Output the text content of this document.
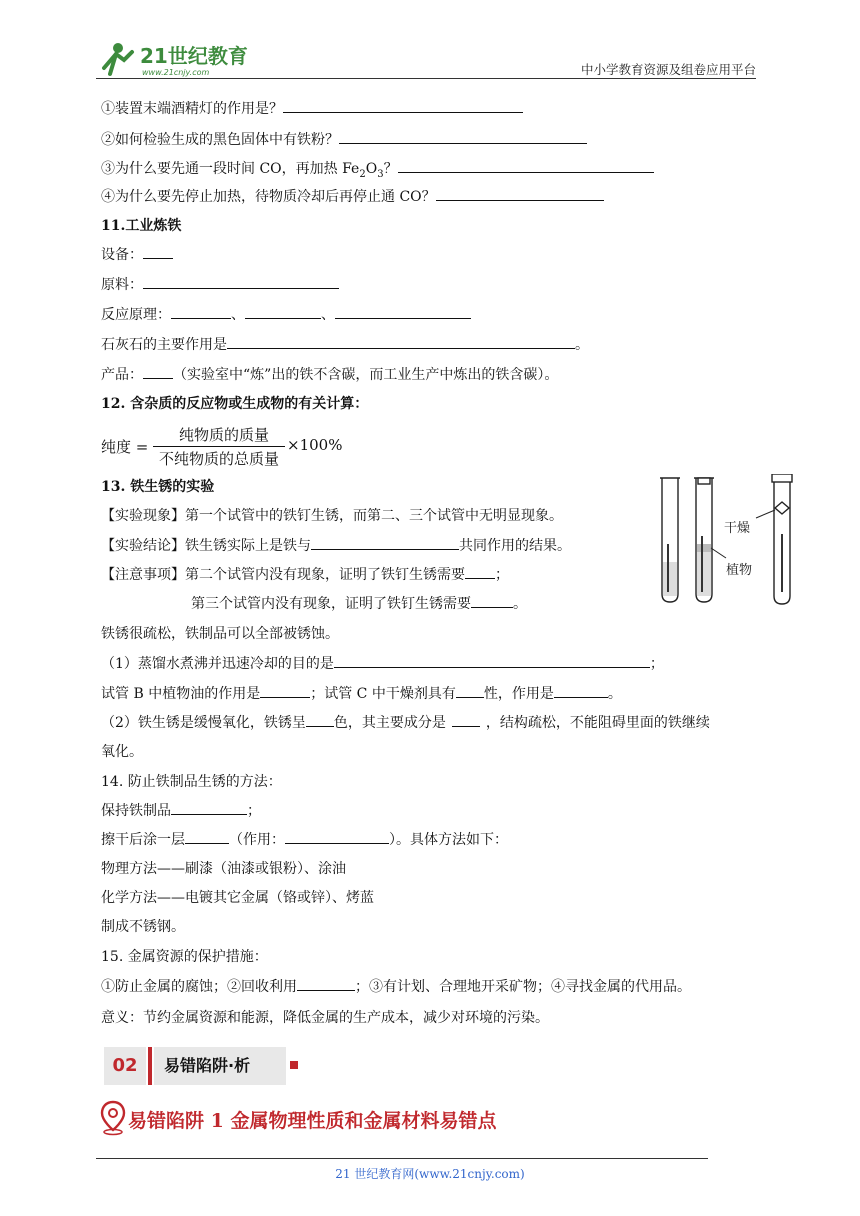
21世纪教育
www.21cnjy.com	中小学教育资源及组卷应用平台
①装置末端酒精灯的作用是？
②如何检验生成的黑色固体中有铁粉？
③为什么要先通一段时间 CO，再加热 $Fe_2O_3$？
④为什么要先停止加热，待物质冷却后再停止通 CO？
11.工业炼铁
设备：
原料：
反应原理：	、	、
石灰石的主要作用是	。
产品： （实验室中“炼”出的铁不含碳，而工业生产中炼出的铁含碳）。
12. 含杂质的反应物或生成物的有关计算：
纯度 =
纯物质的质量
不纯物质的总质量
×100%
13. 铁生锈的实验
【实验现象】第一个试管中的铁钉生锈，而第二、三个试管中无明显现象。
【实验结论】铁生锈实际上是铁与	共同作用的结果。
【注意事项】第二个试管内没有现象，证明了铁钉生锈需要 ；
第三个试管内没有现象，证明了铁钉生锈需要	。
铁锈很疏松，铁制品可以全部被锈蚀。
（1）蒸馏水煮沸并迅速冷却的目的是	；
试管 B 中植物油的作用是	；试管 C 中干燥剂具有 性，作用是	。
（2）铁生锈是缓慢氧化，铁锈呈 色，其主要成分是	，结构疏松，不能阻碍里面的铁继续
氧化。
14. 防止铁制品生锈的方法：
保持铁制品	；
擦干后涂一层	（作用：	）。具体方法如下：
物理方法——刷漆（油漆或银粉）、涂油
化学方法——电镀其它金属（铬或锌）、烤蓝
制成不锈钢。
15. 金属资源的保护措施：
①防止金属的腐蚀；②回收利用	；③有计划、合理地开采矿物；④寻找金属的代用品。
意义：节约金属资源和能源，降低金属的生产成本，减少对环境的污染。
干燥
植物
02	易错陷阱·析
易错陷阱 1 金属物理性质和金属材料易错点
21 世纪教育网(www.21cnjy.com)
